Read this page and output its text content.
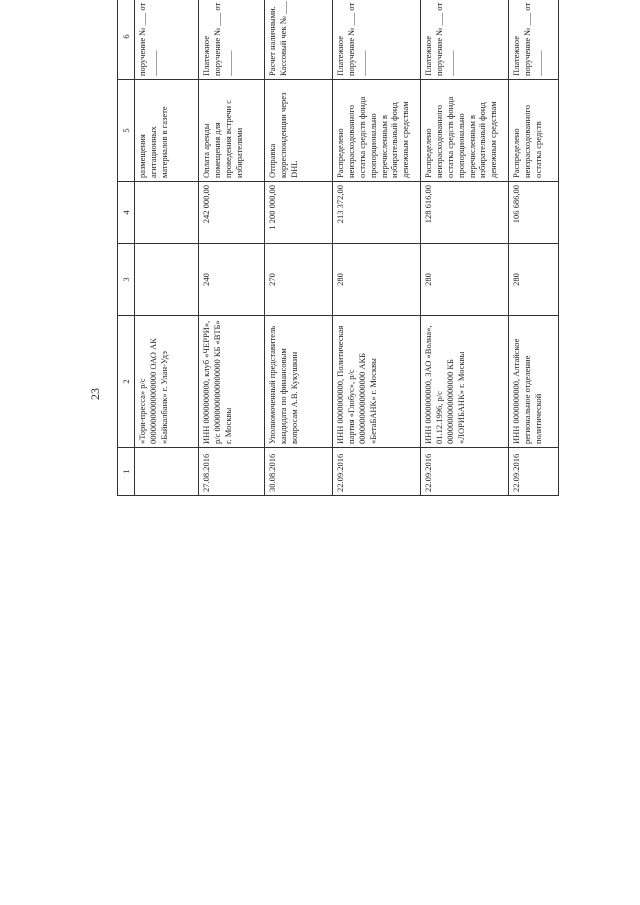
23
1	2	3	4	5	6			
	«Тори-пресса» р/с 00000000000000000 ОАО АК «Байкалбанк» г. Улан-Удэ			размещения агитационных материалов в газете	поручение № ___ от ______			
27.08.2016	ИНН 0000000000, клуб «ЧЕРРИ», р/с 00000000000000000 КБ «ВТБ» г. Москвы	240	242 000,00	Оплата аренды помещения для проведения встречи с избирателями	Платежное поручение № ___ от ______			
30.08.2016	Уполномоченный представитель кандидата по финансовым вопросам А.В. Кукушкин	270	1 200 000,00	Отправка корреспонденции через DHL	Расчет наличными. Кассовый чек № ___			
22.09.2016	ИНН 0000000000, Политическая партия «Глобус», р/с 00000000000000000 АКБ «БетаБАНК» г. Москвы	280	213 372,00	Распределено неизрасходованного остатка средств фонда пропорционально перечисленным в избирательный фонд денежным средствам	Платежное поручение № ___ от ______			
22.09.2016	ИНН 0000000000, ЗАО «Волна», 01.12.1996, р/с 00000000000000000 КБ «ЛОРИБАНК» г. Москвы	280	128 616,00	Распределено неизрасходованного остатка средств фонда пропорционально перечисленным в избирательный фонд денежным средствам	Платежное поручение № ___ от ______			
22.09.2016	ИНН 0000000000, Алтайское региональное отделение политической	280	106 686,00	Распределено неизрасходованного остатка средств	Платежное поручение № ___ от ______			
